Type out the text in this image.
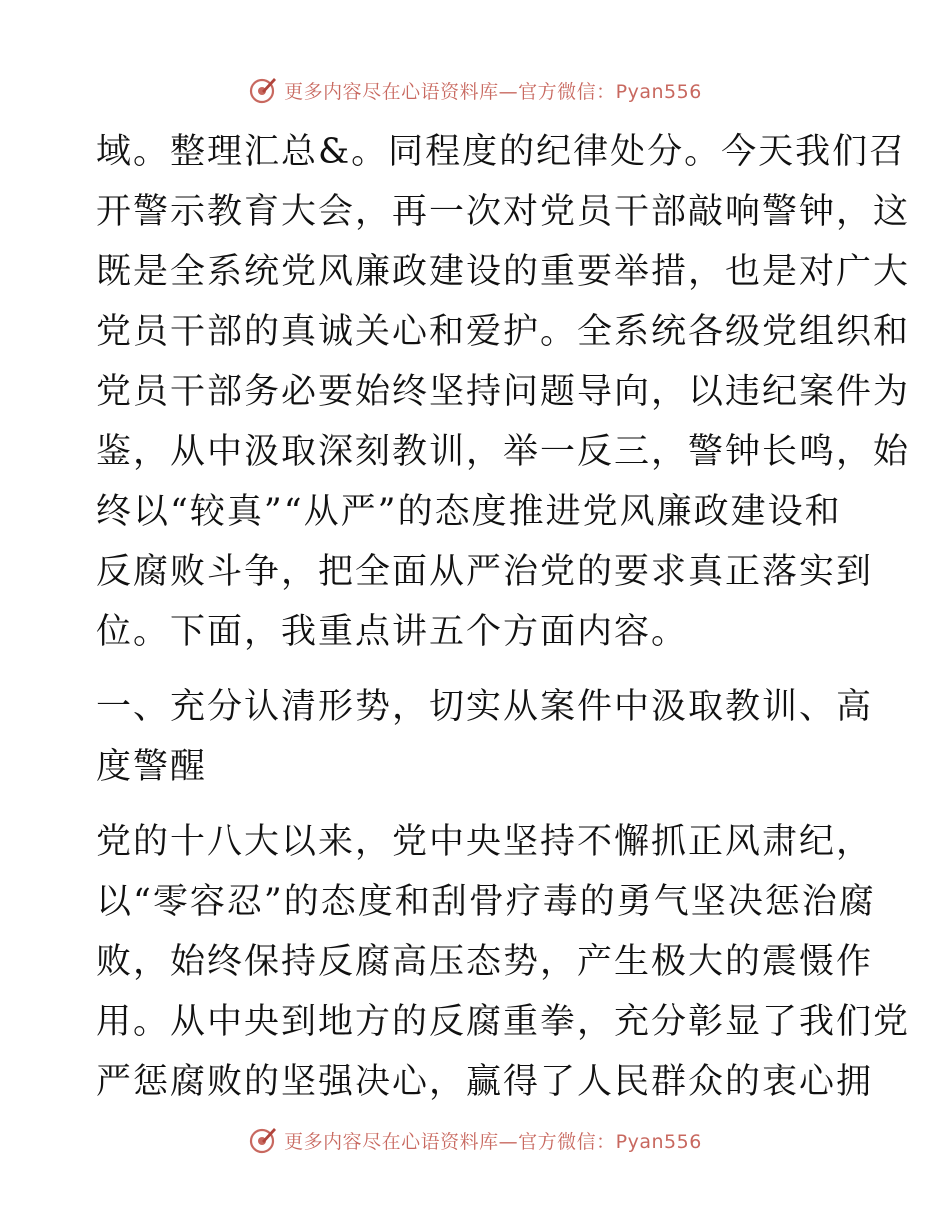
更多内容尽在心语资料库—官方微信：Pyan556
域。整理汇总&。同程度的纪律处分。今天我们召
开警示教育大会，再一次对党员干部敲响警钟，这
既是全系统党风廉政建设的重要举措，也是对广大
党员干部的真诚关心和爱护。全系统各级党组织和
党员干部务必要始终坚持问题导向，以违纪案件为
鉴，从中汲取深刻教训，举一反三，警钟长鸣，始
终以“较真”“从严”的态度推进党风廉政建设和
反腐败斗争，把全面从严治党的要求真正落实到
位。下面，我重点讲五个方面内容。
一、充分认清形势，切实从案件中汲取教训、高
度警醒
党的十八大以来，党中央坚持不懈抓正风肃纪，
以“零容忍”的态度和刮骨疗毒的勇气坚决惩治腐
败，始终保持反腐高压态势，产生极大的震慑作
用。从中央到地方的反腐重拳，充分彰显了我们党
严惩腐败的坚强决心，赢得了人民群众的衷心拥
更多内容尽在心语资料库—官方微信：Pyan556
